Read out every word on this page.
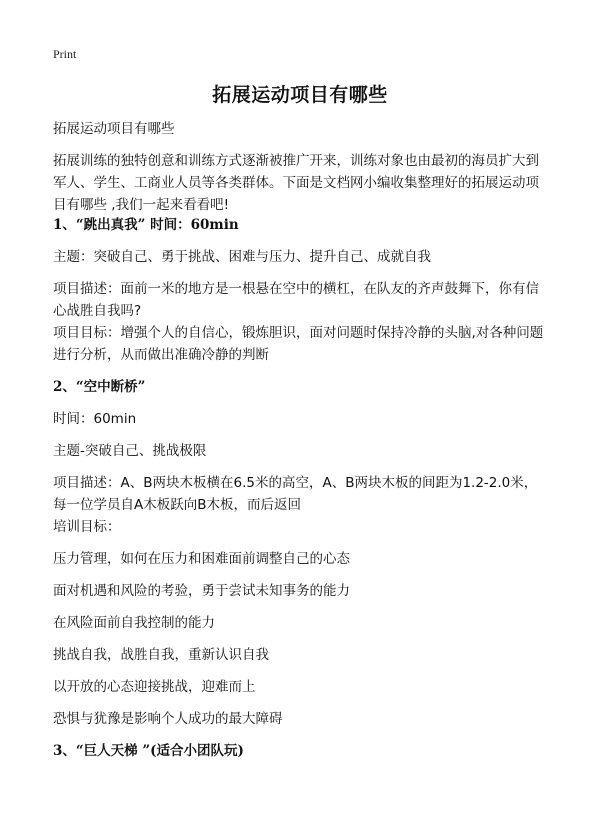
Print
拓展运动项目有哪些
拓展运动项目有哪些
拓展训练的独特创意和训练方式逐渐被推广开来，训练对象也由最初的海员扩大到军人、学生、工商业人员等各类群体。下面是文档网小编收集整理好的拓展运动项目有哪些 ,我们一起来看看吧!
1、“跳出真我” 时间：60min
主题：突破自己、勇于挑战、困难与压力、提升自己、成就自我
项目描述：面前一米的地方是一根悬在空中的横杠，在队友的齐声鼓舞下，你有信心战胜自我吗?
项目目标：增强个人的自信心，锻炼胆识，面对问题时保持冷静的头脑,对各种问题进行分析，从而做出准确冷静的判断
2、“空中断桥”
时间：60min
主题-突破自己、挑战极限
项目描述：A、B两块木板横在6.5米的高空，A、B两块木板的间距为1.2-2.0米，每一位学员自A木板跃向B木板，而后返回
培训目标：
压力管理，如何在压力和困难面前调整自己的心态
面对机遇和风险的考验，勇于尝试未知事务的能力
在风险面前自我控制的能力
挑战自我，战胜自我，重新认识自我
以开放的心态迎接挑战，迎难而上
恐惧与犹豫是影响个人成功的最大障碍
3、“巨人天梯 ”(适合小团队玩)
